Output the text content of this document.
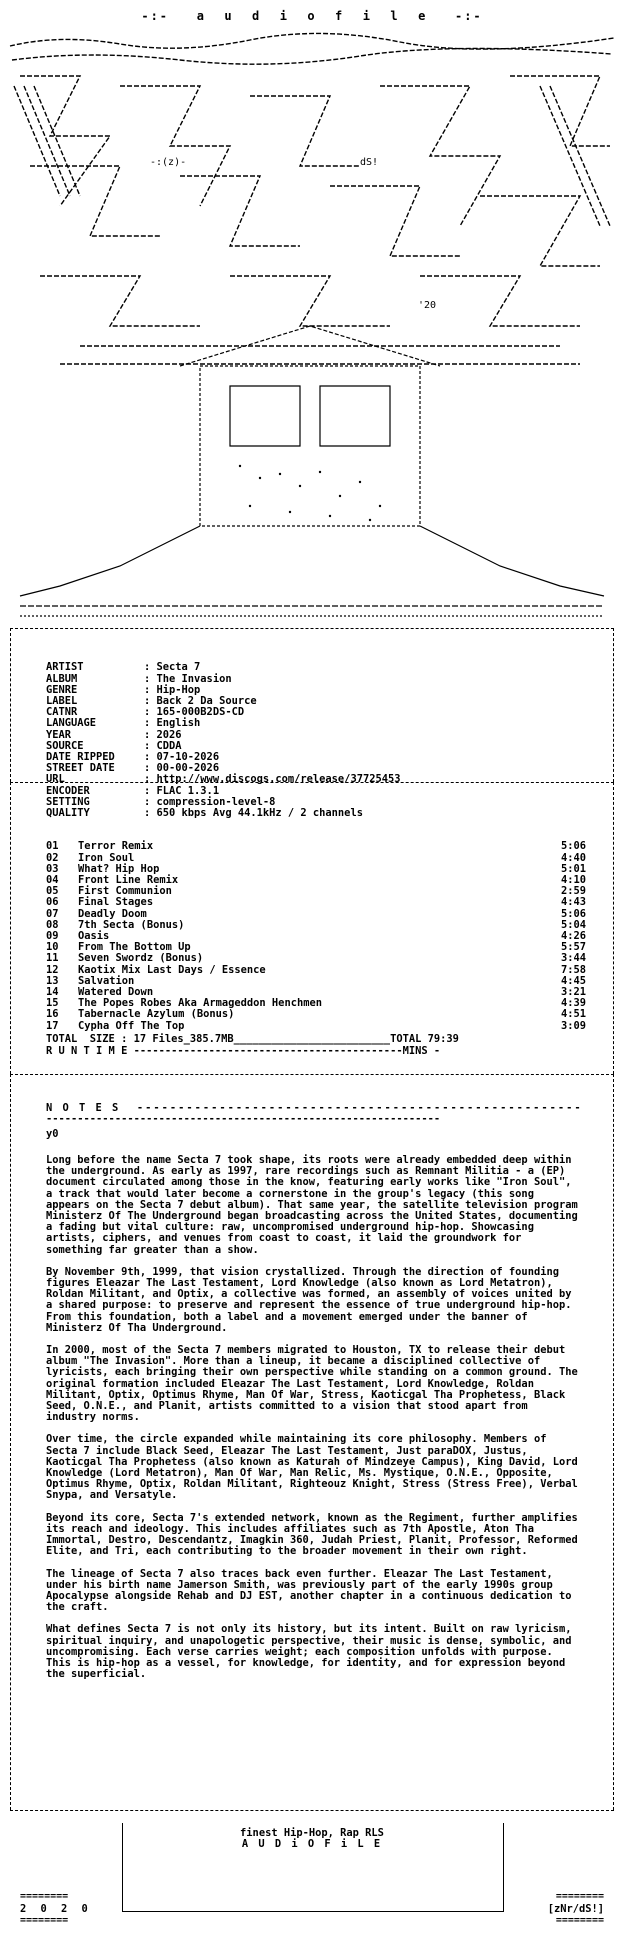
-:-   a  u  d  i  o  f  i  l  e   -:-
-:(z)-	dS!
'20

ARTIST	: Secta 7
ALBUM	: The Invasion
GENRE	: Hip-Hop
LABEL	: Back 2 Da Source
CATNR	: 165-000B2DS-CD
LANGUAGE	: English
YEAR	: 2026
SOURCE	: CDDA
DATE RIPPED	: 07-10-2026
STREET DATE	: 00-00-2026
URL	: http://www.discogs.com/release/37725453
ENCODER	: FLAC 1.3.1
SETTING	: compression-level-8
QUALITY	: 650 kbps Avg 44.1kHz / 2 channels

01	Terror Remix	5:06
02	Iron Soul	4:40
03	What? Hip Hop	5:01
04	Front Line Remix	4:10
05	First Communion	2:59
06	Final Stages	4:43
07	Deadly Doom	5:06
08	7th Secta (Bonus)	5:04
09	Oasis	4:26
10	From The Bottom Up	5:57
11	Seven Swordz (Bonus)	3:44
12	Kaotix Mix Last Days / Essence	7:58
13	Salvation	4:45
14	Watered Down	3:21
15	The Popes Robes Aka Armageddon Henchmen	4:39
16	Tabernacle Azylum (Bonus)	4:51
17	Cypha Off The Top	3:09

TOTAL  SIZE : 17 Files_385.7MB_________________________TOTAL 79:39
R U N T I M E -------------------------------------------MINS -
N O T E S  ------------------------------------------------------
---------------------------------------------------------------
y0

Long before the name Secta 7 took shape, its roots were already embedded deep within the underground. As early as 1997, rare recordings such as Remnant Militia - a (EP) document circulated among those in the know, featuring early works like "Iron Soul", a track that would later become a cornerstone in the group's legacy (this song appears on the Secta 7 debut album). That same year, the satellite television program Ministerz Of The Underground began broadcasting across the United States, documenting a fading but vital culture: raw, uncompromised underground hip-hop. Showcasing artists, ciphers, and venues from coast to coast, it laid the groundwork for something far greater than a show.

By November 9th, 1999, that vision crystallized. Through the direction of founding figures Eleazar The Last Testament, Lord Knowledge (also known as Lord Metatron), Roldan Militant, and Optix, a collective was formed, an assembly of voices united by a shared purpose: to preserve and represent the essence of true underground hip-hop. From this foundation, both a label and a movement emerged under the banner of Ministerz Of Tha Underground.

In 2000, most of the Secta 7 members migrated to Houston, TX to release their debut album "The Invasion". More than a lineup, it became a disciplined collective of lyricists, each bringing their own perspective while standing on a common ground. The original formation included Eleazar The Last Testament, Lord Knowledge, Roldan Militant, Optix, Optimus Rhyme, Man Of War, Stress, Kaoticgal Tha Prophetess, Black Seed, O.N.E., and Planit, artists committed to a vision that stood apart from industry norms.

Over time, the circle expanded while maintaining its core philosophy. Members of Secta 7 include Black Seed, Eleazar The Last Testament, Just paraDOX, Justus, Kaoticgal Tha Prophetess (also known as Katurah of Mindzeye Campus), King David, Lord Knowledge (Lord Metatron), Man Of War, Man Relic, Ms. Mystique, O.N.E., Opposite, Optimus Rhyme, Optix, Roldan Militant, Righteouz Knight, Stress (Stress Free), Verbal Snypa, and Versatyle.

Beyond its core, Secta 7's extended network, known as the Regiment, further amplifies its reach and ideology. This includes affiliates such as 7th Apostle, Aton Tha Immortal, Destro, Descendantz, Imagkin 360, Judah Priest, Planit, Professor, Reformed Elite, and Tri, each contributing to the broader movement in their own right.

The lineage of Secta 7 also traces back even further. Eleazar The Last Testament, under his birth name Jamerson Smith, was previously part of the early 1990s group Apocalypse alongside Rehab and DJ EST, another chapter in a continuous dedication to the craft.

What defines Secta 7 is not only its history, but its intent. Built on raw lyricism, spiritual inquiry, and unapologetic perspective, their music is dense, symbolic, and uncompromising. Each verse carries weight; each composition unfolds with purpose. This is hip-hop as a vessel, for knowledge, for identity, and for expression beyond the superficial.

finest Hip-Hop, Rap RLS
A U D i O F i L E
========
========
========
========
2 0 2 0	[zNr/dS!]
